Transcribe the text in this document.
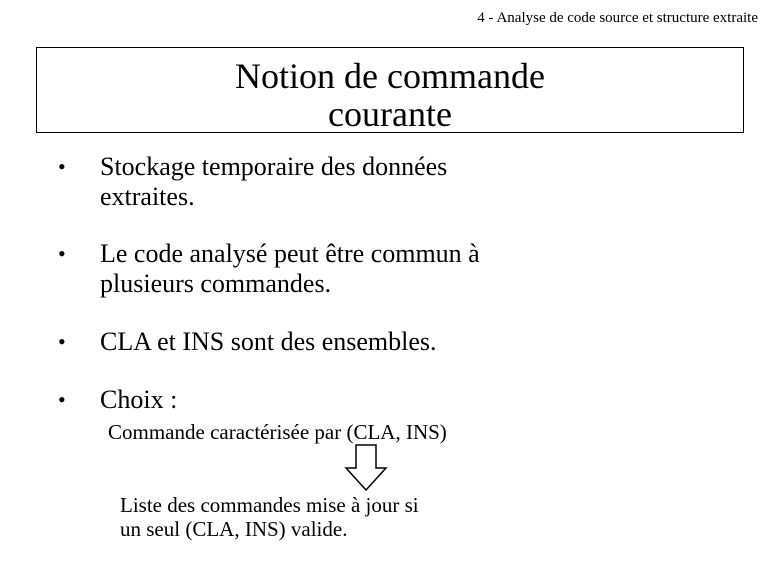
4 - Analyse de code source et structure extraite
Notion de commande
courante
• Stockage temporaire des données
extraites.
• Le code analysé peut être commun à
plusieurs commandes.
• CLA et INS sont des ensembles.
• Choix :
Commande caractérisée par (CLA, INS)
Liste des commandes mise à jour si
un seul (CLA, INS) valide.
